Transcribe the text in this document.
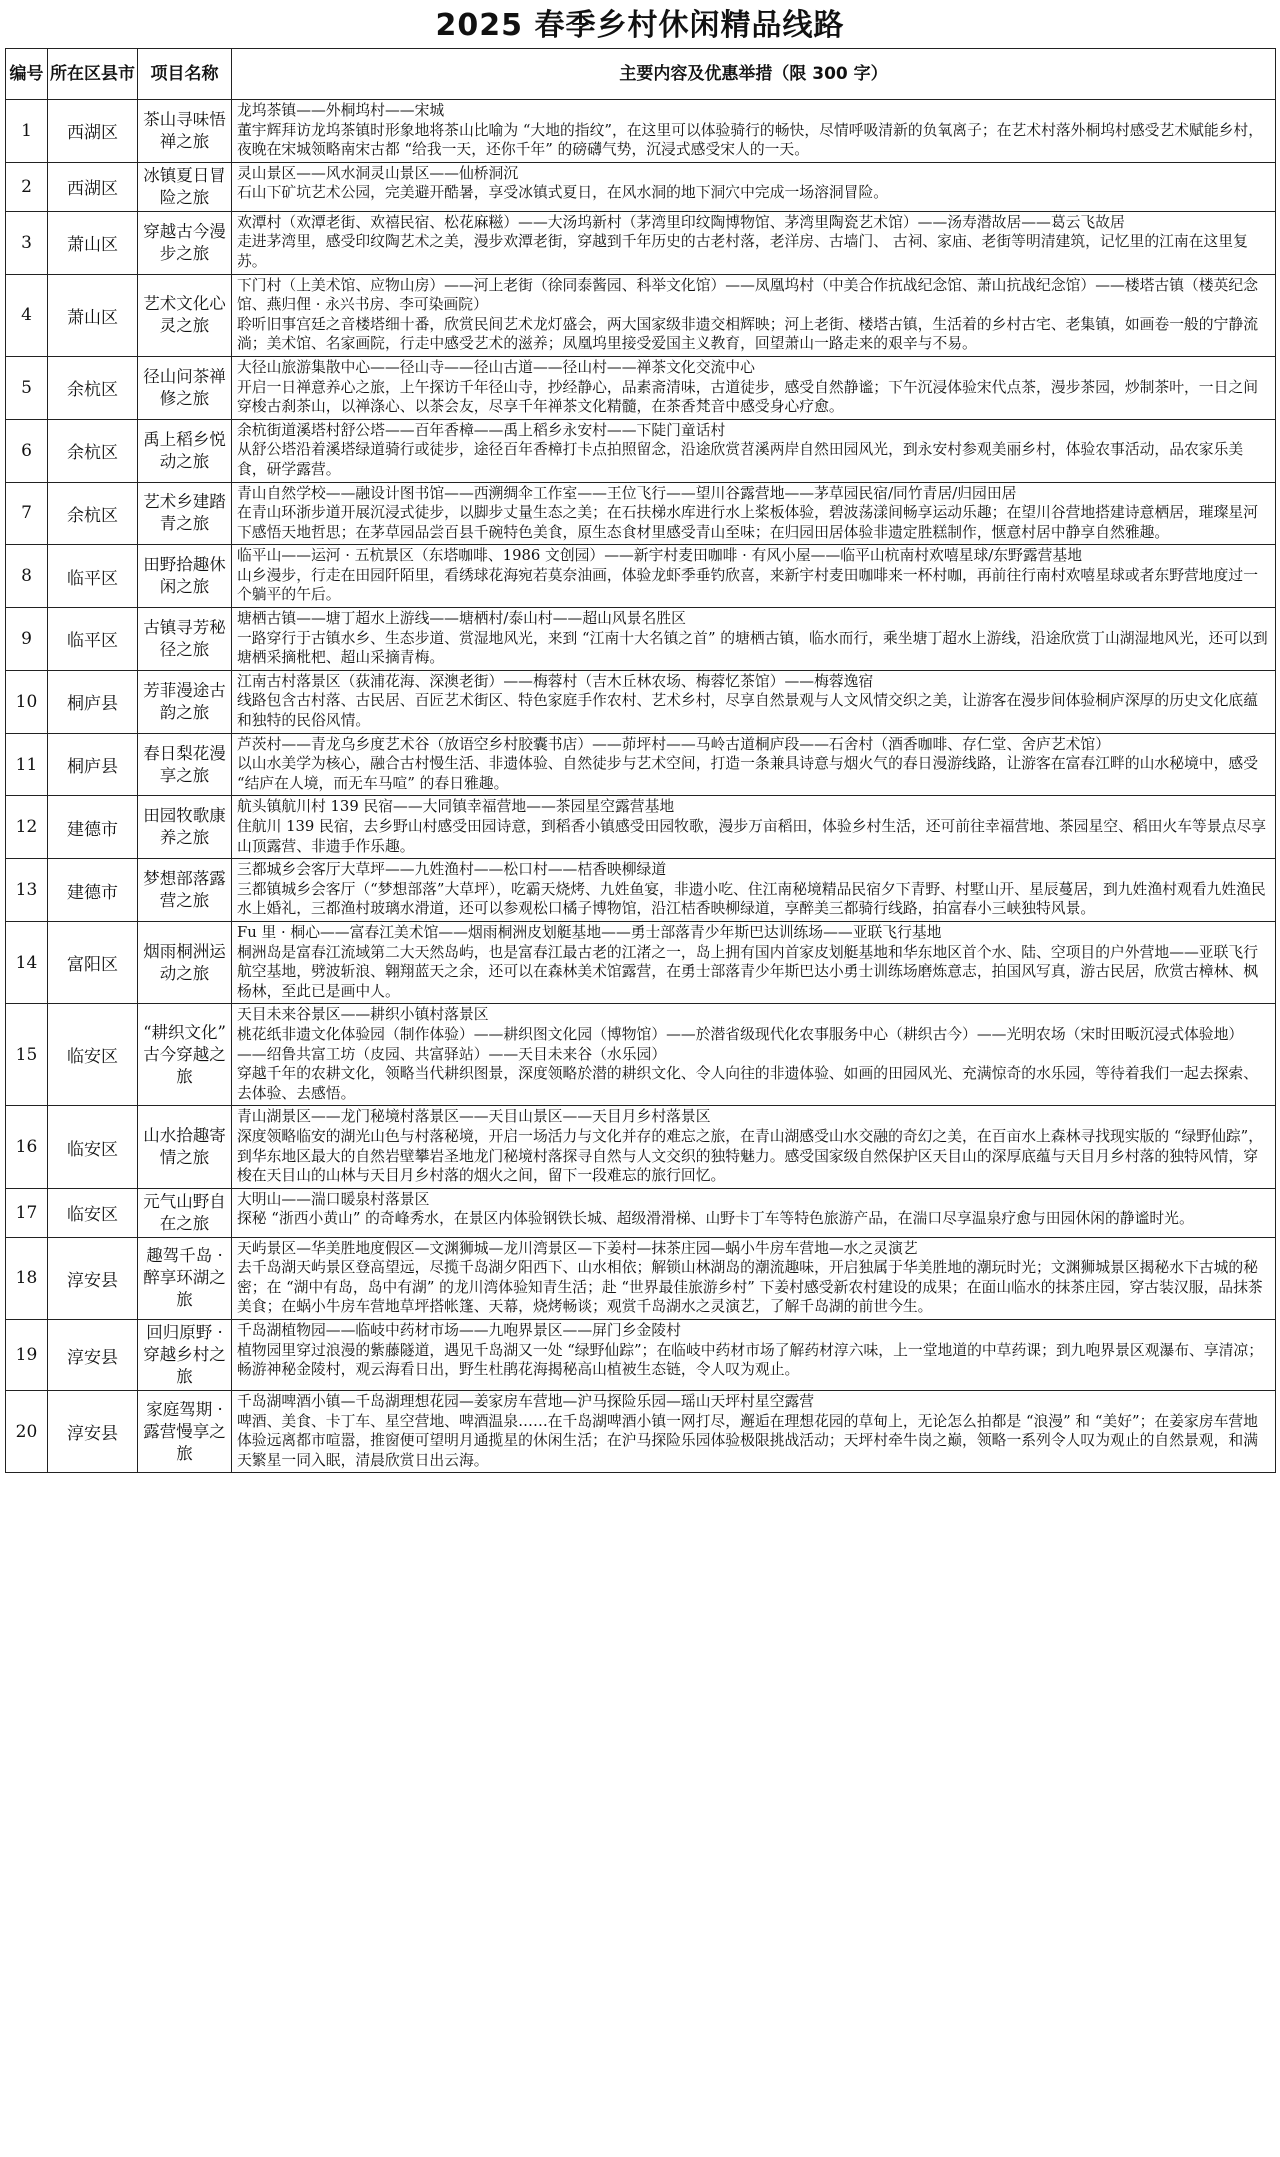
2025 春季乡村休闲精品线路
编号	所在区县市	项目名称	主要内容及优惠举措（限 300 字）
1	西湖区	茶山寻味悟禅之旅	龙坞茶镇——外桐坞村——宋城
董宇辉拜访龙坞茶镇时形象地将茶山比喻为 “大地的指纹”，在这里可以体验骑行的畅快，尽情呼吸清新的负氧离子；在艺术村落外桐坞村感受艺术赋能乡村，夜晚在宋城领略南宋古都 “给我一天，还你千年” 的磅礴气势，沉浸式感受宋人的一天。

2	西湖区	冰镇夏日冒险之旅	灵山景区——风水洞灵山景区——仙桥洞沉
石山下矿坑艺术公园，完美避开酷暑，享受冰镇式夏日，在风水洞的地下洞穴中完成一场溶洞冒险。

3	萧山区	穿越古今漫步之旅	欢潭村（欢潭老街、欢禧民宿、松花麻糍）——大汤坞新村（茅湾里印纹陶博物馆、茅湾里陶瓷艺术馆）——汤寿潜故居——葛云飞故居
走进茅湾里，感受印纹陶艺术之美，漫步欢潭老街，穿越到千年历史的古老村落，老洋房、古墙门、 古祠、家庙、老街等明清建筑，记忆里的江南在这里复苏。

4	萧山区	艺术文化心灵之旅	下门村（上美术馆、应物山房）——河上老街（徐同泰酱园、科举文化馆）——凤凰坞村（中美合作抗战纪念馆、萧山抗战纪念馆）——楼塔古镇（楼英纪念馆、燕归俚 · 永兴书房、李可染画院）
聆听旧事宫廷之音楼塔细十番，欣赏民间艺术龙灯盛会，两大国家级非遗交相辉映；河上老街、楼塔古镇，生活着的乡村古宅、老集镇，如画卷一般的宁静流淌；美术馆、名家画院，行走中感受艺术的滋养；凤凰坞里接受爱国主义教育，回望萧山一路走来的艰辛与不易。

5	余杭区	径山问茶禅修之旅	大径山旅游集散中心——径山寺——径山古道——径山村——禅茶文化交流中心
开启一日禅意养心之旅，上午探访千年径山寺，抄经静心，品素斋清味，古道徒步，感受自然静谧；下午沉浸体验宋代点茶，漫步茶园，炒制茶叶，一日之间穿梭古刹茶山，以禅涤心、以茶会友，尽享千年禅茶文化精髓，在茶香梵音中感受身心疗愈。

6	余杭区	禹上稻乡悦动之旅	余杭街道溪塔村舒公塔——百年香樟——禹上稻乡永安村——下陡门童话村
从舒公塔沿着溪塔绿道骑行或徒步，途径百年香樟打卡点拍照留念，沿途欣赏苕溪两岸自然田园风光，到永安村参观美丽乡村，体验农事活动，品农家乐美食，研学露营。

7	余杭区	艺术乡建踏青之旅	青山自然学校——融设计图书馆——西溯绸伞工作室——王位飞行——望川谷露营地——茅草园民宿/同竹青居/归园田居
在青山环浙步道开展沉浸式徒步，以脚步丈量生态之美；在石扶梯水库进行水上桨板体验，碧波荡漾间畅享运动乐趣；在望川谷营地搭建诗意栖居，璀璨星河下感悟天地哲思；在茅草园品尝百县千碗特色美食，原生态食材里感受青山至味；在归园田居体验非遗定胜糕制作，惬意村居中静享自然雅趣。

8	临平区	田野拾趣休闲之旅	临平山——运河 · 五杭景区（东塔咖啡、1986 文创园）——新宇村麦田咖啡 · 有风小屋——临平山杭南村欢嘻星球/东野露营基地
山乡漫步，行走在田园阡陌里，看绣球花海宛若莫奈油画，体验龙虾季垂钓欣喜，来新宇村麦田咖啡来一杯村咖，再前往行南村欢嘻星球或者东野营地度过一个躺平的午后。

9	临平区	古镇寻芳秘径之旅	塘栖古镇——塘丁超水上游线——塘栖村/泰山村——超山风景名胜区
一路穿行于古镇水乡、生态步道、赏湿地风光，来到 “江南十大名镇之首” 的塘栖古镇，临水而行，乘坐塘丁超水上游线，沿途欣赏丁山湖湿地风光，还可以到塘栖采摘枇杷、超山采摘青梅。

10	桐庐县	芳菲漫途古韵之旅	江南古村落景区（荻浦花海、深澳老街）——梅蓉村（吉木丘林农场、梅蓉忆茶馆）——梅蓉逸宿
线路包含古村落、古民居、百匠艺术街区、特色家庭手作农村、艺术乡村，尽享自然景观与人文风情交织之美，让游客在漫步间体验桐庐深厚的历史文化底蕴和独特的民俗风情。

11	桐庐县	春日梨花漫享之旅	芦茨村——青龙乌乡度艺术谷（放语空乡村胶囊书店）——茆坪村——马岭古道桐庐段——石舍村（酒香咖啡、存仁堂、舍庐艺术馆）
以山水美学为核心，融合古村慢生活、非遗体验、自然徒步与艺术空间，打造一条兼具诗意与烟火气的春日漫游线路，让游客在富春江畔的山水秘境中，感受 “结庐在人境，而无车马喧” 的春日雅趣。

12	建德市	田园牧歌康养之旅	航头镇航川村 139 民宿——大同镇幸福营地——茶园星空露营基地
住航川 139 民宿，去乡野山村感受田园诗意，到稻香小镇感受田园牧歌，漫步万亩稻田，体验乡村生活，还可前往幸福营地、茶园星空、稻田火车等景点尽享山顶露营、非遗手作乐趣。

13	建德市	梦想部落露营之旅	三都城乡会客厅大草坪——九姓渔村——松口村——桔香映柳绿道
三都镇城乡会客厅（“梦想部落”大草坪），吃霸天烧烤、九姓鱼宴，非遗小吃、住江南秘境精品民宿夕下青野、村墅山开、星辰蔓居，到九姓渔村观看九姓渔民水上婚礼，三都渔村玻璃水滑道，还可以参观松口橘子博物馆，沿江桔香映柳绿道，享醉美三都骑行线路，拍富春小三峡独特风景。

14	富阳区	烟雨桐洲运动之旅	Fu 里 · 桐心——富春江美术馆——烟雨桐洲皮划艇基地——勇士部落青少年斯巴达训练场——亚联飞行基地
桐洲岛是富春江流域第二大天然岛屿，也是富春江最古老的江渚之一，岛上拥有国内首家皮划艇基地和华东地区首个水、陆、空项目的户外营地——亚联飞行航空基地，劈波斩浪、翱翔蓝天之余，还可以在森林美术馆露营，在勇士部落青少年斯巴达小勇士训练场磨炼意志，拍国风写真，游古民居，欣赏古樟林、枫杨林，至此已是画中人。

15	临安区	“耕织文化” 古今穿越之旅	天目未来谷景区——耕织小镇村落景区
桃花纸非遗文化体验园（制作体验）——耕织图文化园（博物馆）——於潜省级现代化农事服务中心（耕织古今）——光明农场（宋时田畈沉浸式体验地）——绍鲁共富工坊（皮园、共富驿站）——天目未来谷（水乐园）
穿越千年的农耕文化，领略当代耕织图景，深度领略於潜的耕织文化、令人向往的非遗体验、如画的田园风光、充满惊奇的水乐园，等待着我们一起去探索、去体验、去感悟。

16	临安区	山水拾趣寄情之旅	青山湖景区——龙门秘境村落景区——天目山景区——天目月乡村落景区
深度领略临安的湖光山色与村落秘境，开启一场活力与文化并存的难忘之旅，在青山湖感受山水交融的奇幻之美，在百亩水上森林寻找现实版的 “绿野仙踪”，到华东地区最大的自然岩壁攀岩圣地龙门秘境村落探寻自然与人文交织的独特魅力。感受国家级自然保护区天目山的深厚底蕴与天目月乡村落的独特风情，穿梭在天目山的山林与天目月乡村落的烟火之间，留下一段难忘的旅行回忆。

17	临安区	元气山野自在之旅	大明山——湍口暖泉村落景区
探秘 “浙西小黄山” 的奇峰秀水，在景区内体验钢铁长城、超级滑滑梯、山野卡丁车等特色旅游产品，在湍口尽享温泉疗愈与田园休闲的静谧时光。

18	淳安县	趣驾千岛 · 醉享环湖之旅	天屿景区—华美胜地度假区—文渊狮城—龙川湾景区—下姜村—抹茶庄园—蜗小牛房车营地—水之灵演艺
去千岛湖天屿景区登高望远，尽揽千岛湖夕阳西下、山水相依；解锁山林湖岛的潮流趣味，开启独属于华美胜地的潮玩时光；文渊狮城景区揭秘水下古城的秘密；在 “湖中有岛，岛中有湖” 的龙川湾体验知青生活；赴 “世界最佳旅游乡村” 下姜村感受新农村建设的成果；在面山临水的抹茶庄园，穿古装汉服，品抹茶美食；在蜗小牛房车营地草坪搭帐篷、天幕，烧烤畅谈；观赏千岛湖水之灵演艺，了解千岛湖的前世今生。

19	淳安县	回归原野 · 穿越乡村之旅	千岛湖植物园——临岐中药材市场——九咆界景区——屏门乡金陵村
植物园里穿过浪漫的紫藤隧道，遇见千岛湖又一处 “绿野仙踪”；在临岐中药材市场了解药材淳六味，上一堂地道的中草药课；到九咆界景区观瀑布、享清凉；畅游神秘金陵村，观云海看日出，野生杜鹃花海揭秘高山植被生态链，令人叹为观止。

20	淳安县	家庭驾期 · 露营慢享之旅	千岛湖啤酒小镇—千岛湖理想花园—姜家房车营地—沪马探险乐园—瑶山天坪村星空露营
啤酒、美食、卡丁车、星空营地、啤酒温泉……在千岛湖啤酒小镇一网打尽，邂逅在理想花园的草甸上，无论怎么拍都是 “浪漫” 和 “美好”；在姜家房车营地体验远离都市喧嚣，推窗便可望明月通揽星的休闲生活；在沪马探险乐园体验极限挑战活动；天坪村牵牛岗之巅，领略一系列令人叹为观止的自然景观，和满天繁星一同入眠，清晨欣赏日出云海。
